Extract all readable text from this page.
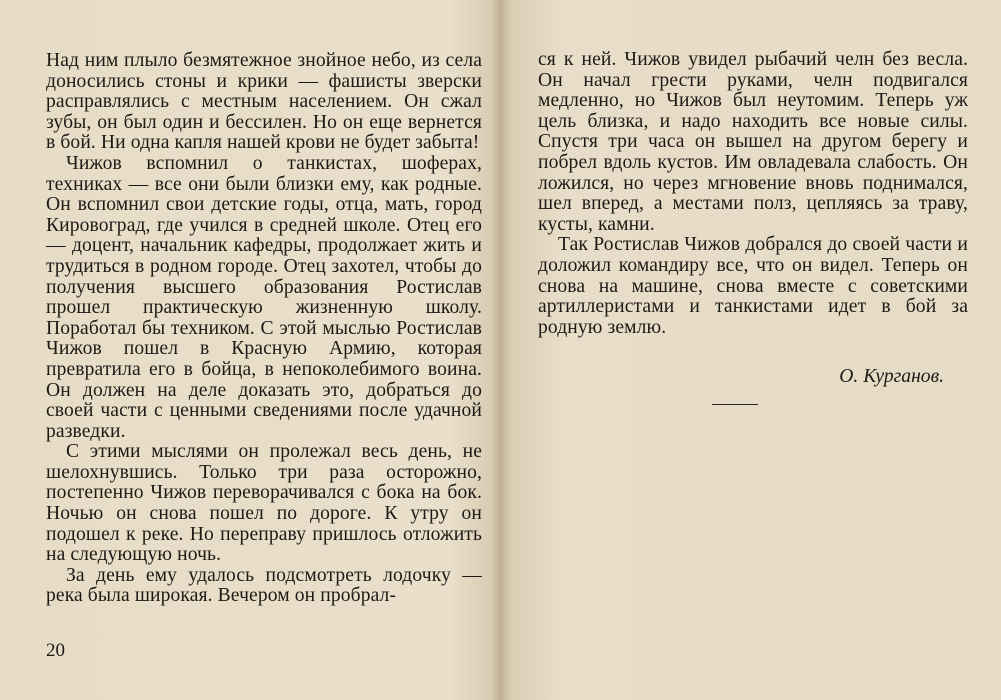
Над ним плыло безмятежное знойное небо, из села доносились стоны и крики — фашисты зверски расправлялись с местным населением. Он сжал зубы, он был один и бессилен. Но он еще вернется в бой. Ни одна капля нашей крови не будет забыта!

Чижов вспомнил о танкистах, шоферах, техниках — все они были близки ему, как родные. Он вспомнил свои детские годы, отца, мать, город Кировоград, где учился в средней школе. Отец его — доцент, начальник кафедры, продолжает жить и трудиться в родном городе. Отец захотел, чтобы до получения высшего образования Ростислав прошел практическую жизненную школу. Поработал бы техником. С этой мыслью Ростислав Чижов пошел в Красную Армию, которая превратила его в бойца, в непоколебимого воина. Он должен на деле доказать это, добраться до своей части с ценными сведениями после удачной разведки.

С этими мыслями он пролежал весь день, не шелохнувшись. Только три раза осторожно, постепенно Чижов переворачивался с бока на бок. Ночью он снова пошел по дороге. К утру он подошел к реке. Но переправу пришлось отложить на следующую ночь.

За день ему удалось подсмотреть лодочку — река была широкая. Вечером он пробрал-

20

ся к ней. Чижов увидел рыбачий челн без весла. Он начал грести руками, челн подвигался медленно, но Чижов был неутомим. Теперь уж цель близка, и надо находить все новые силы. Спустя три часа он вышел на другом берегу и побрел вдоль кустов. Им овладевала слабость. Он ложился, но через мгновение вновь поднимался, шел вперед, а местами полз, цепляясь за траву, кусты, камни.

Так Ростислав Чижов добрался до своей части и доложил командиру все, что он видел. Теперь он снова на машине, снова вместе с советскими артиллеристами и танкистами идет в бой за родную землю.

О. Курганов.
